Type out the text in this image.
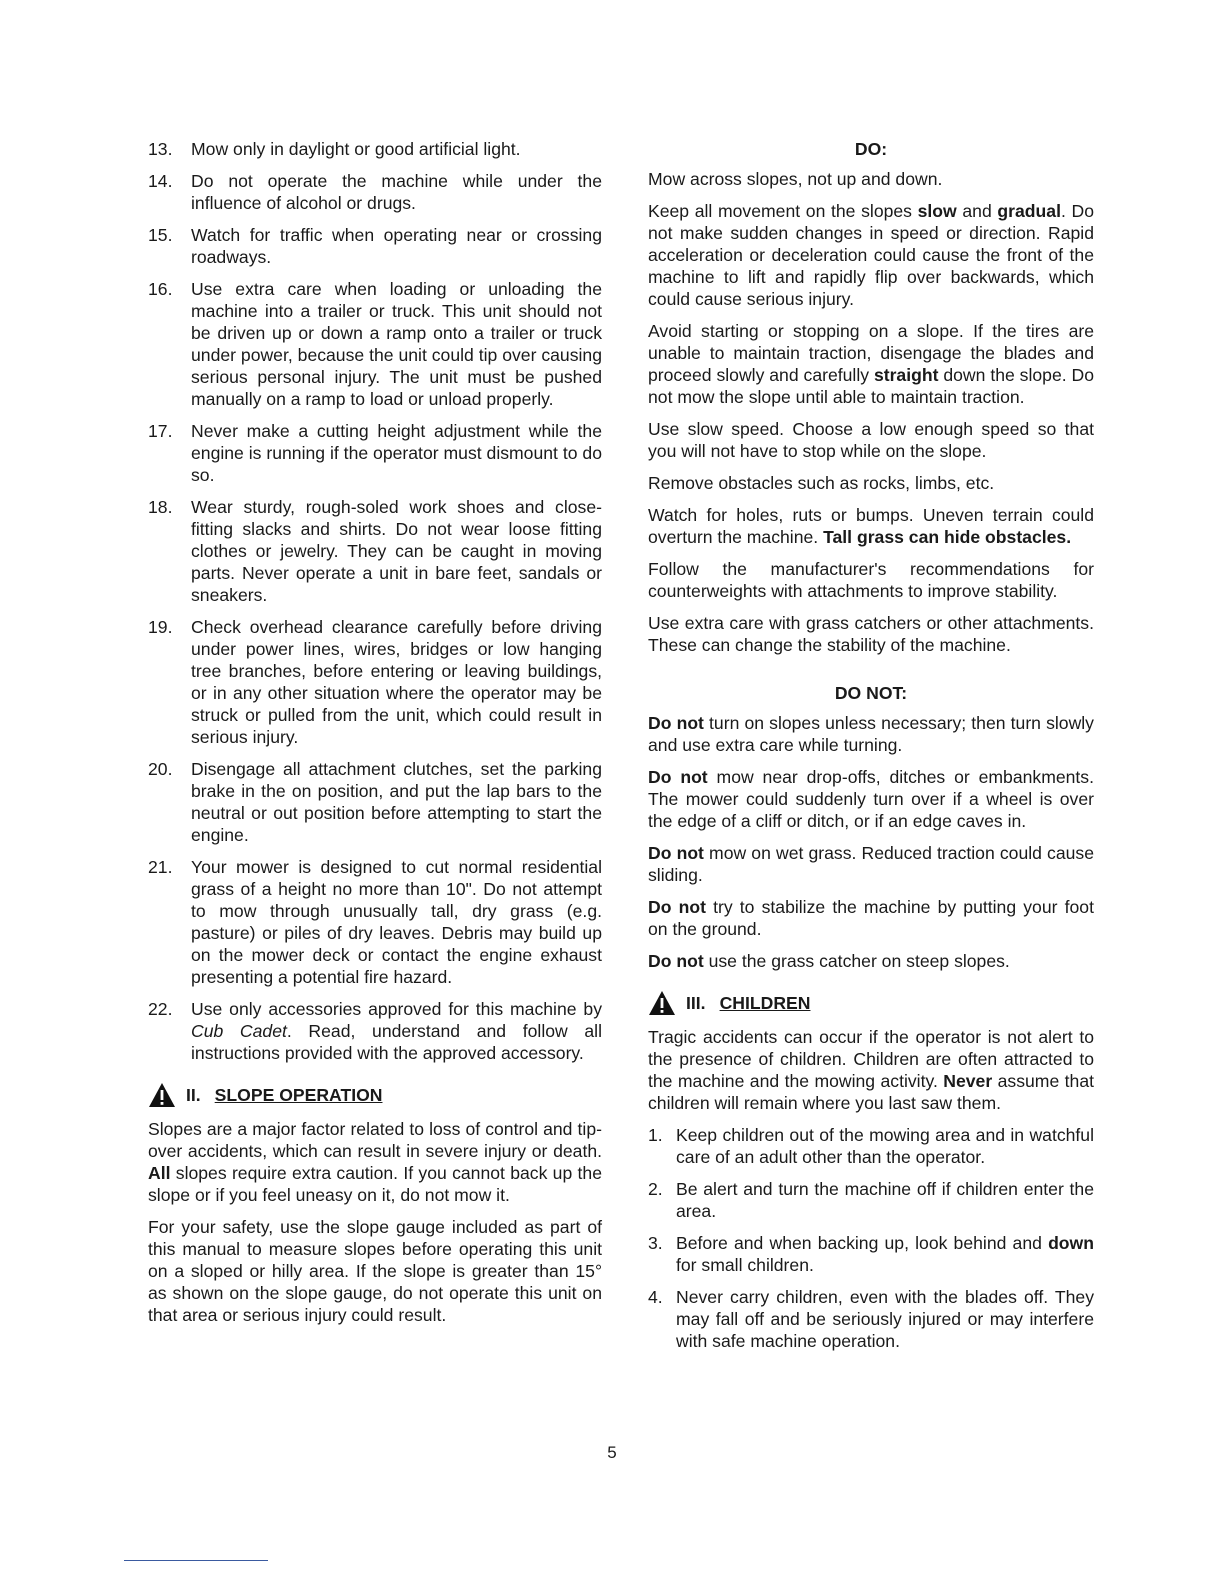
13.	Mow only in daylight or good artificial light.
14.	Do not operate the machine while under the influence of alcohol or drugs.
15.	Watch for traffic when operating near or crossing roadways.
16.	Use extra care when loading or unloading the machine into a trailer or truck. This unit should not be driven up or down a ramp onto a trailer or truck under power, because the unit could tip over causing serious personal injury. The unit must be pushed manually on a ramp to load or unload properly.
17.	Never make a cutting height adjustment while the engine is running if the operator must dismount to do so.
18.	Wear sturdy, rough-soled work shoes and close-fitting slacks and shirts. Do not wear loose fitting clothes or jewelry. They can be caught in moving parts. Never operate a unit in bare feet, sandals or sneakers.
19.	Check overhead clearance carefully before driving under power lines, wires, bridges or low hanging tree branches, before entering or leaving buildings, or in any other situation where the operator may be struck or pulled from the unit, which could result in serious injury.
20.	Disengage all attachment clutches, set the parking brake in the on position, and put the lap bars to the neutral or out position before attempting to start the engine.
21.	Your mower is designed to cut normal residential grass of a height no more than 10". Do not attempt to mow through unusually tall, dry grass (e.g. pasture) or piles of dry leaves. Debris may build up on the mower deck or contact the engine exhaust presenting a potential fire hazard.
22.	Use only accessories approved for this machine by Cub Cadet. Read, understand and follow all instructions provided with the approved accessory.
II. SLOPE OPERATION

Slopes are a major factor related to loss of control and tip-over accidents, which can result in severe injury or death. All slopes require extra caution. If you cannot back up the slope or if you feel uneasy on it, do not mow it.

For your safety, use the slope gauge included as part of this manual to measure slopes before operating this unit on a sloped or hilly area. If the slope is greater than 15° as shown on the slope gauge, do not operate this unit on that area or serious injury could result.

DO:

Mow across slopes, not up and down.

Keep all movement on the slopes slow and gradual. Do not make sudden changes in speed or direction. Rapid acceleration or deceleration could cause the front of the machine to lift and rapidly flip over backwards, which could cause serious injury.

Avoid starting or stopping on a slope. If the tires are unable to maintain traction, disengage the blades and proceed slowly and carefully straight down the slope. Do not mow the slope until able to maintain traction.

Use slow speed. Choose a low enough speed so that you will not have to stop while on the slope.

Remove obstacles such as rocks, limbs, etc.

Watch for holes, ruts or bumps. Uneven terrain could overturn the machine. Tall grass can hide obstacles.

Follow the manufacturer's recommendations for counterweights with attachments to improve stability.

Use extra care with grass catchers or other attachments. These can change the stability of the machine.

DO NOT:

Do not turn on slopes unless necessary; then turn slowly and use extra care while turning.

Do not mow near drop-offs, ditches or embankments. The mower could suddenly turn over if a wheel is over the edge of a cliff or ditch, or if an edge caves in.

Do not mow on wet grass. Reduced traction could cause sliding.

Do not try to stabilize the machine by putting your foot on the ground.

Do not use the grass catcher on steep slopes.

III. CHILDREN

Tragic accidents can occur if the operator is not alert to the presence of children. Children are often attracted to the machine and the mowing activity. Never assume that children will remain where you last saw them.

1. Keep children out of the mowing area and in watchful care of an adult other than the operator.
2. Be alert and turn the machine off if children enter the area.
3. Before and when backing up, look behind and down for small children.
4. Never carry children, even with the blades off. They may fall off and be seriously injured or may interfere with safe machine operation.
5
